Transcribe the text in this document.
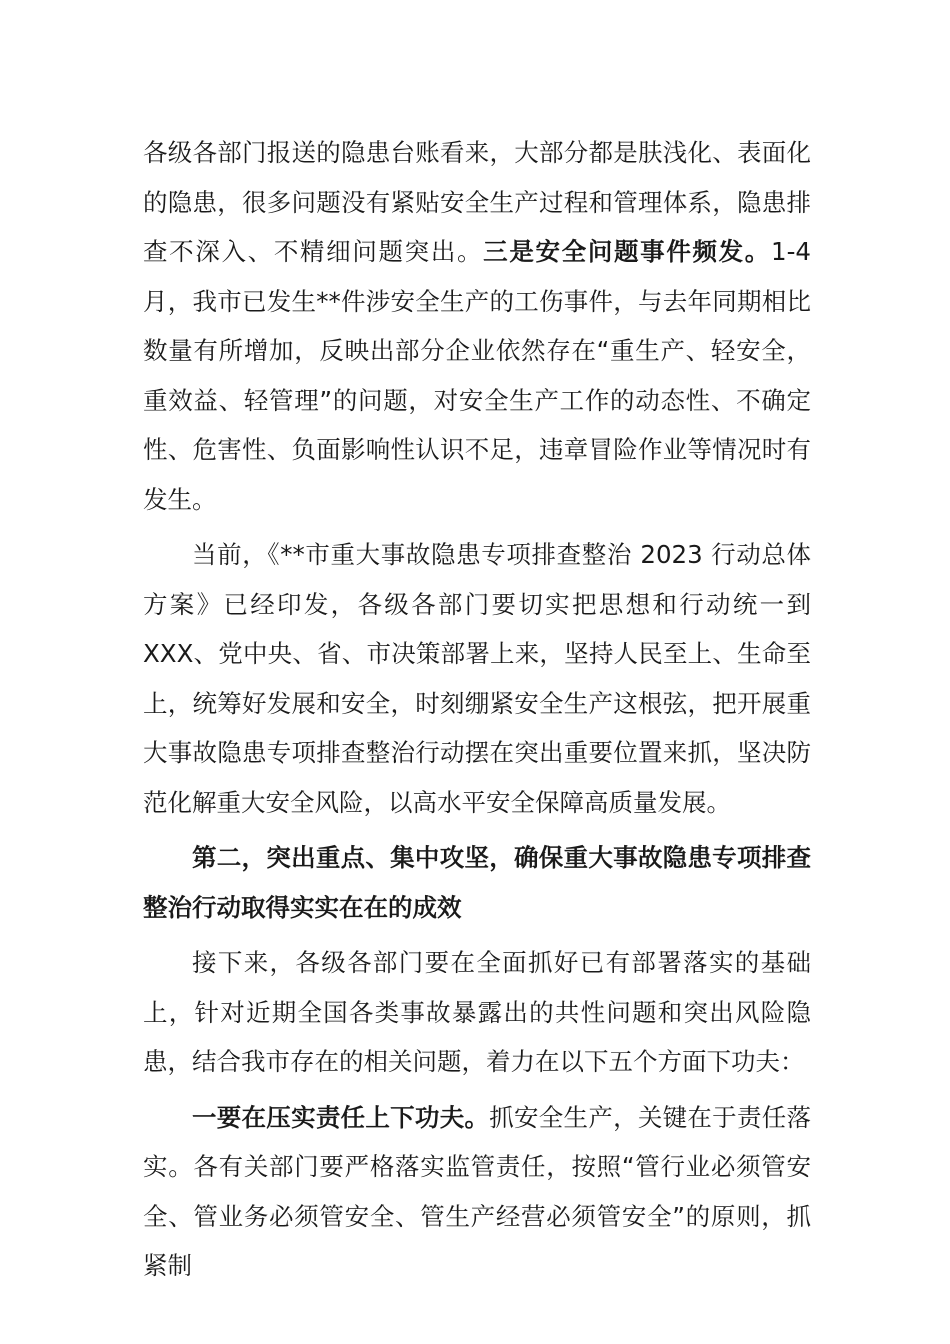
各级各部门报送的隐患台账看来，大部分都是肤浅化、表面化的隐患，很多问题没有紧贴安全生产过程和管理体系，隐患排查不深入、不精细问题突出。三是安全问题事件频发。1-4月，我市已发生**件涉安全生产的工伤事件，与去年同期相比数量有所增加，反映出部分企业依然存在“重生产、轻安全，重效益、轻管理”的问题，对安全生产工作的动态性、不确定性、危害性、负面影响性认识不足，违章冒险作业等情况时有发生。

当前，《**市重大事故隐患专项排查整治 2023 行动总体方案》已经印发，各级各部门要切实把思想和行动统一到 XXX、党中央、省、市决策部署上来，坚持人民至上、生命至上，统筹好发展和安全，时刻绷紧安全生产这根弦，把开展重大事故隐患专项排查整治行动摆在突出重要位置来抓，坚决防范化解重大安全风险，以高水平安全保障高质量发展。

第二，突出重点、集中攻坚，确保重大事故隐患专项排查整治行动取得实实在在的成效

接下来，各级各部门要在全面抓好已有部署落实的基础上，针对近期全国各类事故暴露出的共性问题和突出风险隐患，结合我市存在的相关问题，着力在以下五个方面下功夫：

一要在压实责任上下功夫。抓安全生产，关键在于责任落实。各有关部门要严格落实监管责任，按照“管行业必须管安全、管业务必须管安全、管生产经营必须管安全”的原则，抓紧制
